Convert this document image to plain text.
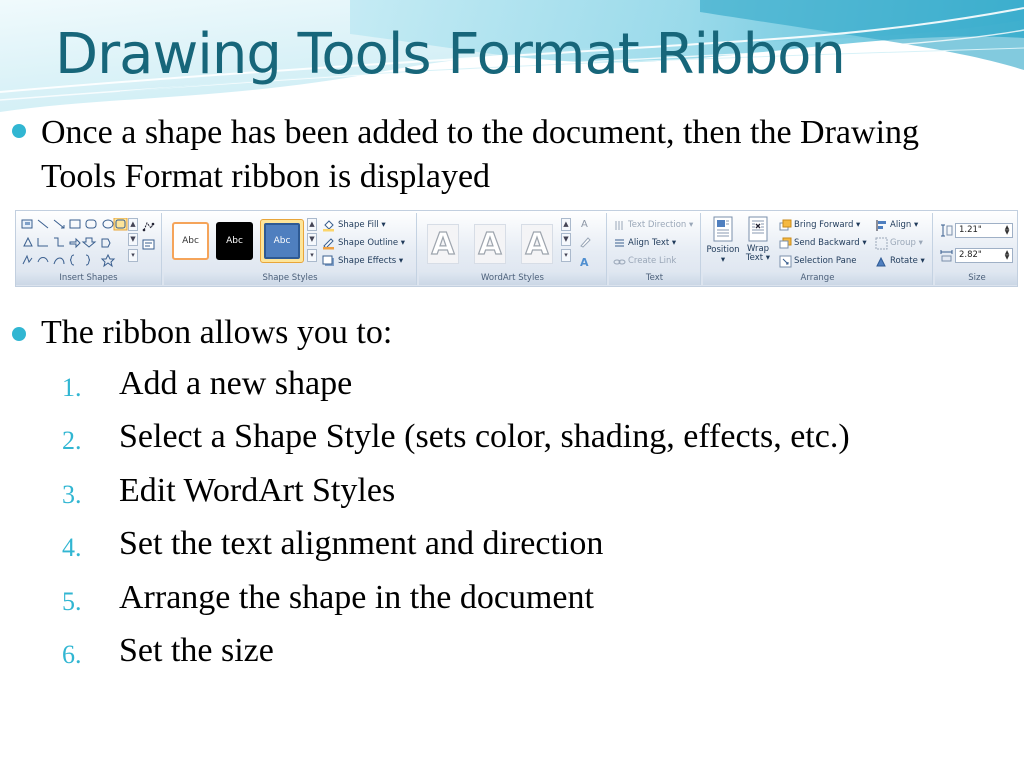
Drawing Tools Format Ribbon
Once a shape has been added to the document, then the Drawing Tools Format ribbon is displayed
▲
▼
▾
Insert Shapes
Abc	Abc	Abc
▲
▼
▾
Shape Fill ▾
Shape Outline ▾
Shape Effects ▾
Shape Styles
A A A
▲
▼
▾
A
A
WordArt Styles
Text Direction ▾
Align Text ▾
Create Link
Text
Position
▾
Wrap
Text ▾
Bring Forward ▾
Send Backward ▾
Selection Pane
Align ▾
Group ▾
Rotate ▾
Arrange
1.21"	▲
▼
2.82"	▲
▼
Size
The ribbon allows you to:
1. Add a new shape
2. Select a Shape Style (sets color, shading, effects, etc.)
3. Edit WordArt Styles
4. Set the text alignment and direction
5. Arrange the shape in the document
6. Set the size
